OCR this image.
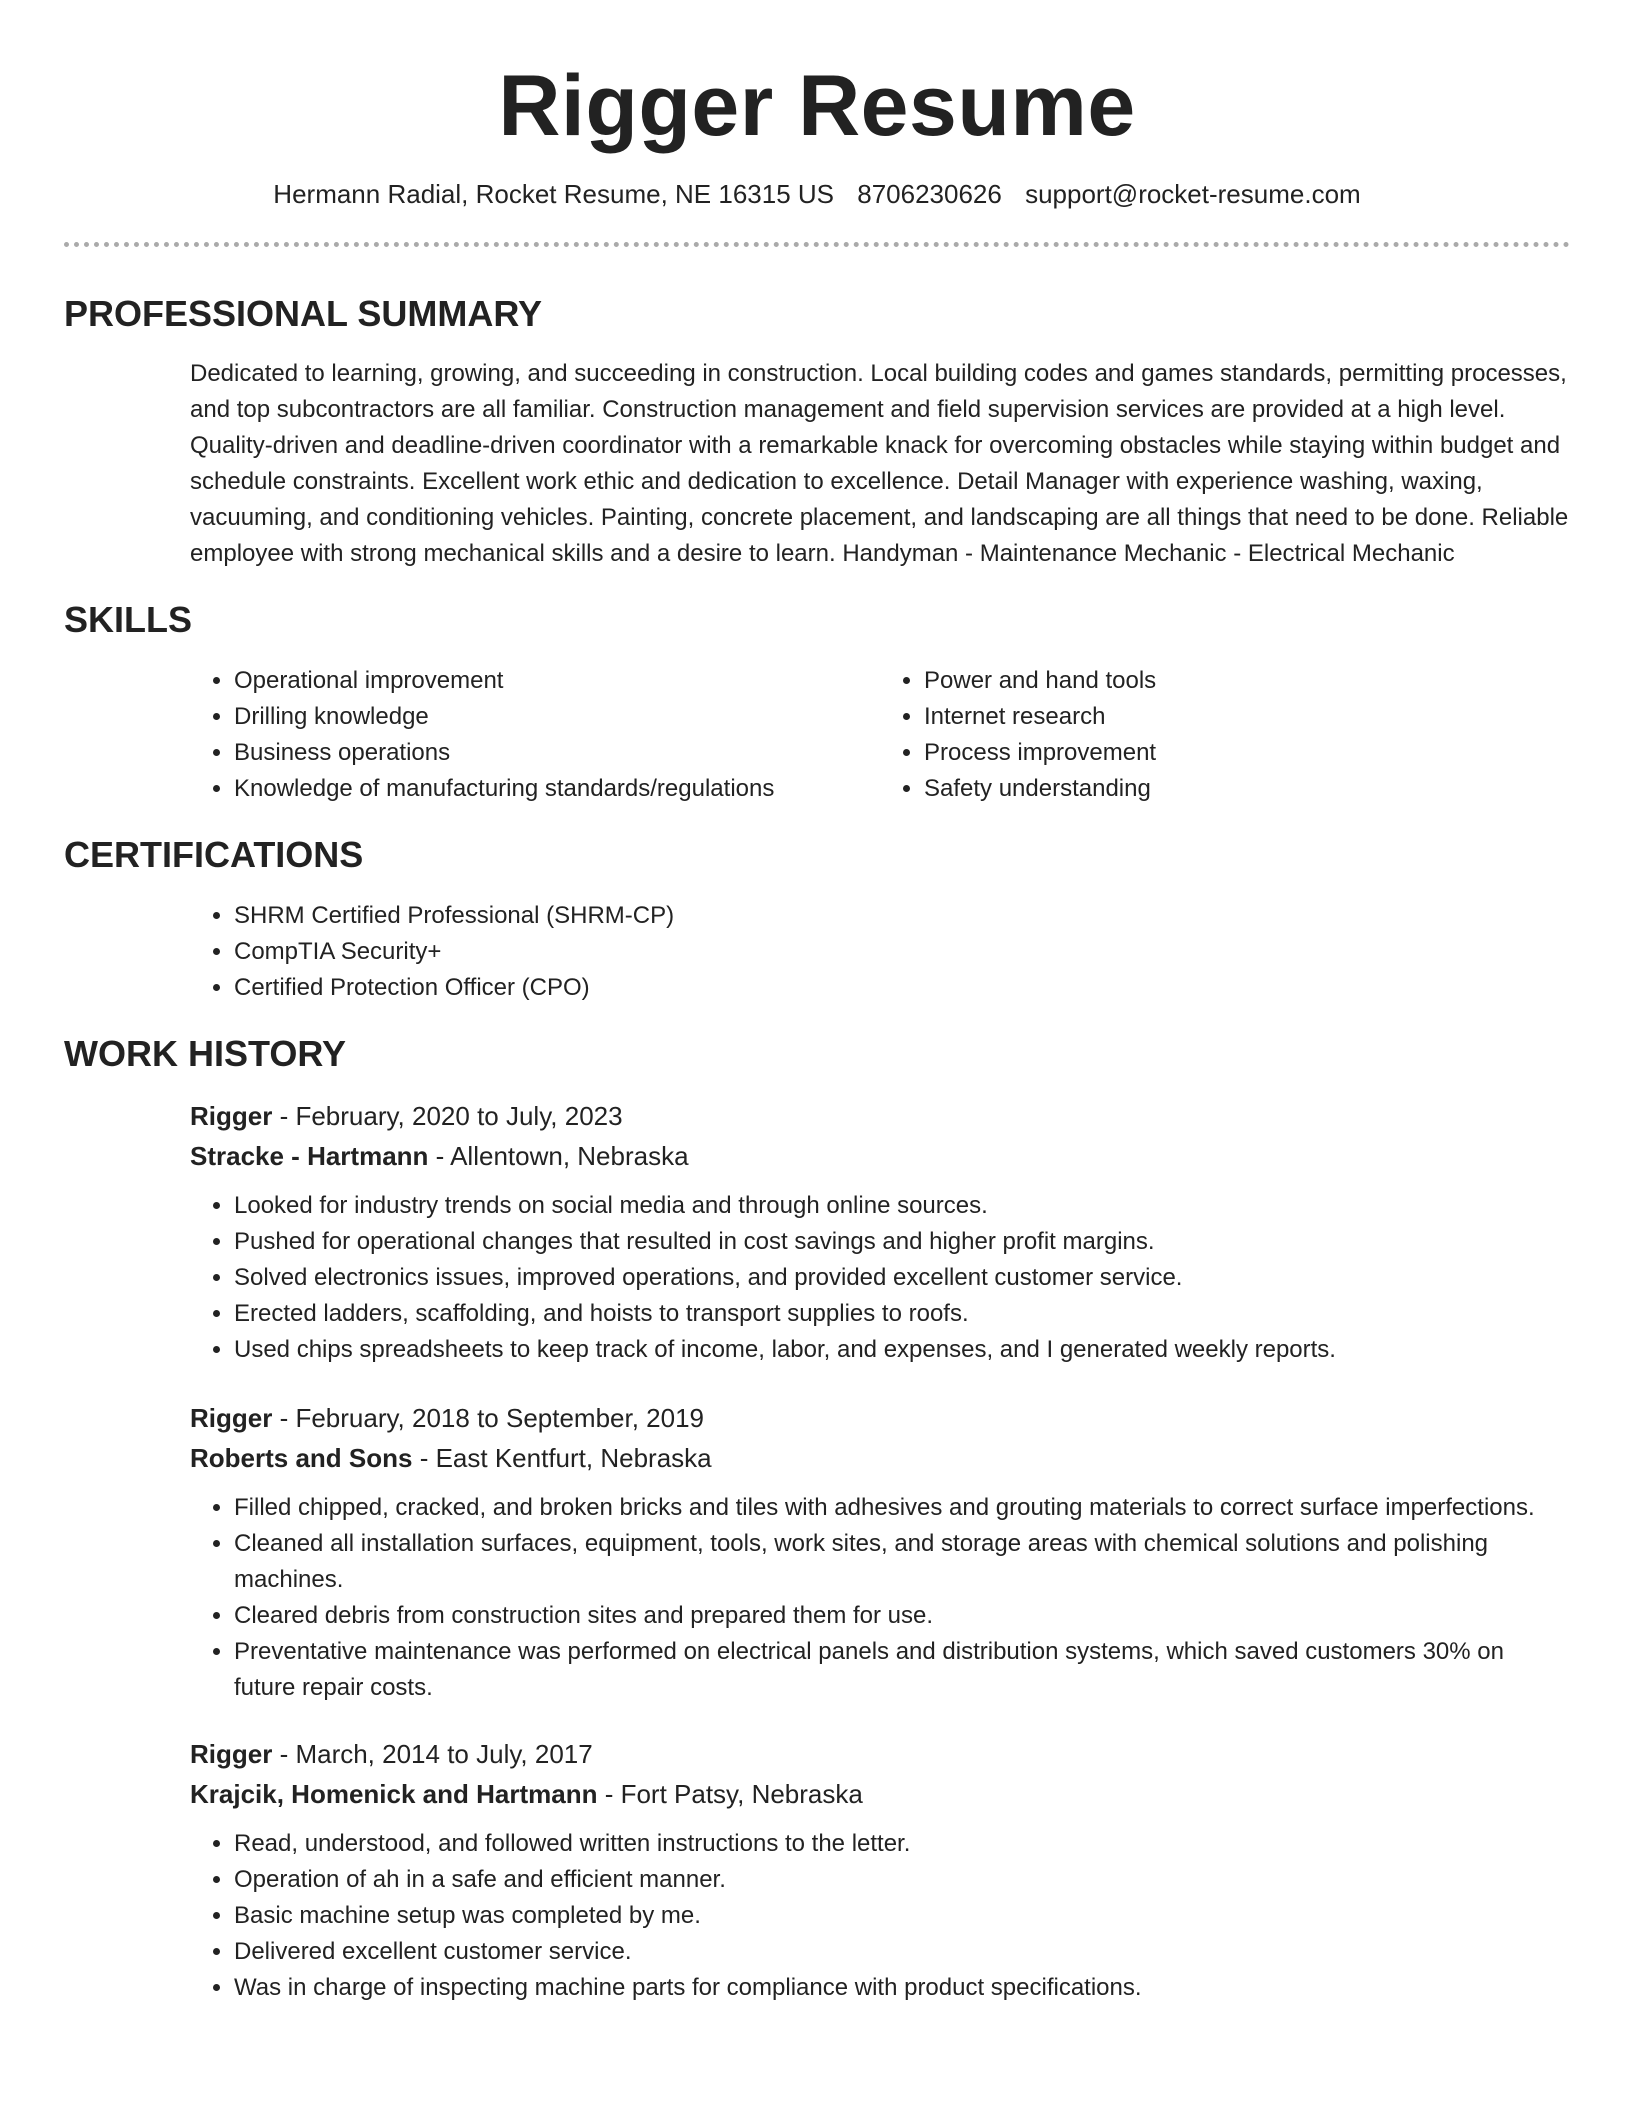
Rigger Resume
Hermann Radial, Rocket Resume, NE 16315 US 8706230626 support@rocket-resume.com
PROFESSIONAL SUMMARY

Dedicated to learning, growing, and succeeding in construction. Local building codes and games standards, permitting processes, and top subcontractors are all familiar. Construction management and field supervision services are provided at a high level. Quality-driven and deadline-driven coordinator with a remarkable knack for overcoming obstacles while staying within budget and schedule constraints. Excellent work ethic and dedication to excellence. Detail Manager with experience washing, waxing, vacuuming, and conditioning vehicles. Painting, concrete placement, and landscaping are all things that need to be done. Reliable employee with strong mechanical skills and a desire to learn. Handyman - Maintenance Mechanic - Electrical Mechanic

SKILLS
• Operational improvement
• Drilling knowledge
• Business operations
• Knowledge of manufacturing standards/regulations
• Power and hand tools
• Internet research
• Process improvement
• Safety understanding
CERTIFICATIONS
• SHRM Certified Professional (SHRM-CP)
• CompTIA Security+
• Certified Protection Officer (CPO)
WORK HISTORY
Rigger - February, 2020 to July, 2023
Stracke - Hartmann - Allentown, Nebraska
• Looked for industry trends on social media and through online sources.
• Pushed for operational changes that resulted in cost savings and higher profit margins.
• Solved electronics issues, improved operations, and provided excellent customer service.
• Erected ladders, scaffolding, and hoists to transport supplies to roofs.
• Used chips spreadsheets to keep track of income, labor, and expenses, and I generated weekly reports.
Rigger - February, 2018 to September, 2019
Roberts and Sons - East Kentfurt, Nebraska
• Filled chipped, cracked, and broken bricks and tiles with adhesives and grouting materials to correct surface imperfections.
• Cleaned all installation surfaces, equipment, tools, work sites, and storage areas with chemical solutions and polishing machines.
• Cleared debris from construction sites and prepared them for use.
• Preventative maintenance was performed on electrical panels and distribution systems, which saved customers 30% on future repair costs.
Rigger - March, 2014 to July, 2017
Krajcik, Homenick and Hartmann - Fort Patsy, Nebraska
• Read, understood, and followed written instructions to the letter.
• Operation of ah in a safe and efficient manner.
• Basic machine setup was completed by me.
• Delivered excellent customer service.
• Was in charge of inspecting machine parts for compliance with product specifications.
